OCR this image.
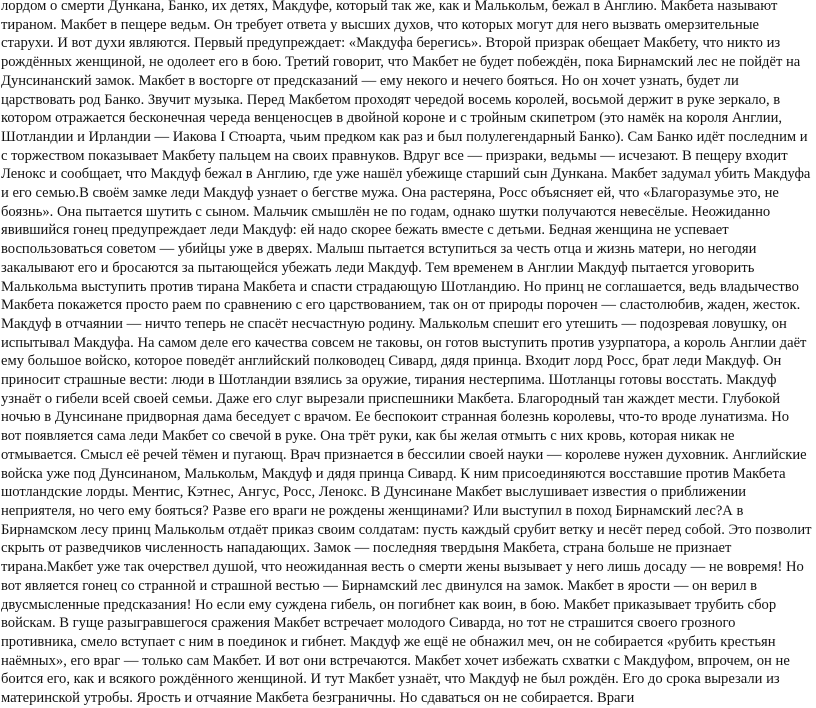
лордом о смерти Дункана, Банко, их детях, Макдуфе, который так же, как и Малькольм, бежал в Англию. Макбета называют тираном. Макбет в пещере ведьм. Он требует ответа у высших духов, что которых могут для него вызвать омерзительные старухи. И вот духи являются. Первый предупреждает: «Макдуфа берегись». Второй призрак обещает Макбету, что никто из рождённых женщиной, не одолеет его в бою. Третий говорит, что Макбет не будет побеждён, пока Бирнамский лес не пойдёт на Дунсинанский замок. Макбет в восторге от предсказаний — ему некого и нечего бояться. Но он хочет узнать, будет ли царствовать род Банко. Звучит музыка. Перед Макбетом проходят чередой восемь королей, восьмой держит в руке зеркало, в котором отражается бесконечная череда венценосцев в двойной короне и с тройным скипетром (это намёк на короля Англии, Шотландии и Ирландии — Иакова I Стюарта, чьим предком как раз и был полулегендарный Банко). Сам Банко идёт последним и с торжеством показывает Макбету пальцем на своих правнуков. Вдруг все — призраки, ведьмы — исчезают. В пещеру входит Ленокс и сообщает, что Макдуф бежал в Англию, где уже нашёл убежище старший сын Дункана. Макбет задумал убить Макдуфа и его семью.В своём замке леди Макдуф узнает о бегстве мужа. Она растеряна, Росс объясняет ей, что «Благоразумье это, не боязнь». Она пытается шутить с сыном. Мальчик смышлён не по годам, однако шутки получаются невесёлые. Неожиданно явившийся гонец предупреждает леди Макдуф: ей надо скорее бежать вместе с детьми. Бедная женщина не успевает воспользоваться советом — убийцы уже в дверях. Малыш пытается вступиться за честь отца и жизнь матери, но негодяи закалывают его и бросаются за пытающейся убежать леди Макдуф. Тем временем в Англии Макдуф пытается уговорить Малькольма выступить против тирана Макбета и спасти страдающую Шотландию. Но принц не соглашается, ведь владычество Макбета покажется просто раем по сравнению с его царствованием, так он от природы порочен — сластолюбив, жаден, жесток. Макдуф в отчаянии — ничто теперь не спасёт несчастную родину. Малькольм спешит его утешить — подозревая ловушку, он испытывал Макдуфа. На самом деле его качества совсем не таковы, он готов выступить против узурпатора, а король Англии даёт ему большое войско, которое поведёт английский полководец Сивард, дядя принца. Входит лорд Росс, брат леди Макдуф. Он приносит страшные вести: люди в Шотландии взялись за оружие, тирания нестерпима. Шотланцы готовы восстать. Макдуф узнаёт о гибели всей своей семьи. Даже его слуг вырезали приспешники Макбета. Благородный тан жаждет мести. Глубокой ночью в Дунсинане придворная дама беседует с врачом. Ее беспокоит странная болезнь королевы, что-то вроде лунатизма. Но вот появляется сама леди Макбет со свечой в руке. Она трёт руки, как бы желая отмыть с них кровь, которая никак не отмывается. Смысл её речей тёмен и пугающ. Врач признается в бессилии своей науки — королеве нужен духовник. Английские войска уже под Дунсинаном, Малькольм, Макдуф и дядя принца Сивард. К ним присоединяются восставшие против Макбета шотландские лорды. Ментис, Кэтнес, Ангус, Росс, Ленокс. В Дунсинане Макбет выслушивает известия о приближении неприятеля, но чего ему бояться? Разве его враги не рождены женщинами? Или выступил в поход Бирнамский лес?А в Бирнамском лесу принц Малькольм отдаёт приказ своим солдатам: пусть каждый срубит ветку и несёт перед собой. Это позволит скрыть от разведчиков численность нападающих. Замок — последняя твердыня Макбета, страна больше не признает тирана.Макбет уже так очерствел душой, что неожиданная весть о смерти жены вызывает у него лишь досаду — не вовремя! Но вот является гонец со странной и страшной вестью — Бирнамский лес двинулся на замок. Макбет в ярости — он верил в двусмысленные предсказания! Но если ему суждена гибель, он погибнет как воин, в бою. Макбет приказывает трубить сбор войскам. В гуще разыгравшегося сражения Макбет встречает молодого Сиварда, но тот не страшится своего грозного противника, смело вступает с ним в поединок и гибнет. Макдуф же ещё не обнажил меч, он не собирается «рубить крестьян наёмных», его враг — только сам Макбет. И вот они встречаются. Макбет хочет избежать схватки с Макдуфом, впрочем, он не боится его, как и всякого рождённого женщиной. И тут Макбет узнаёт, что Макдуф не был рождён. Его до срока вырезали из материнской утробы. Ярость и отчаяние Макбета безграничны. Но сдаваться он не собирается. Враги
